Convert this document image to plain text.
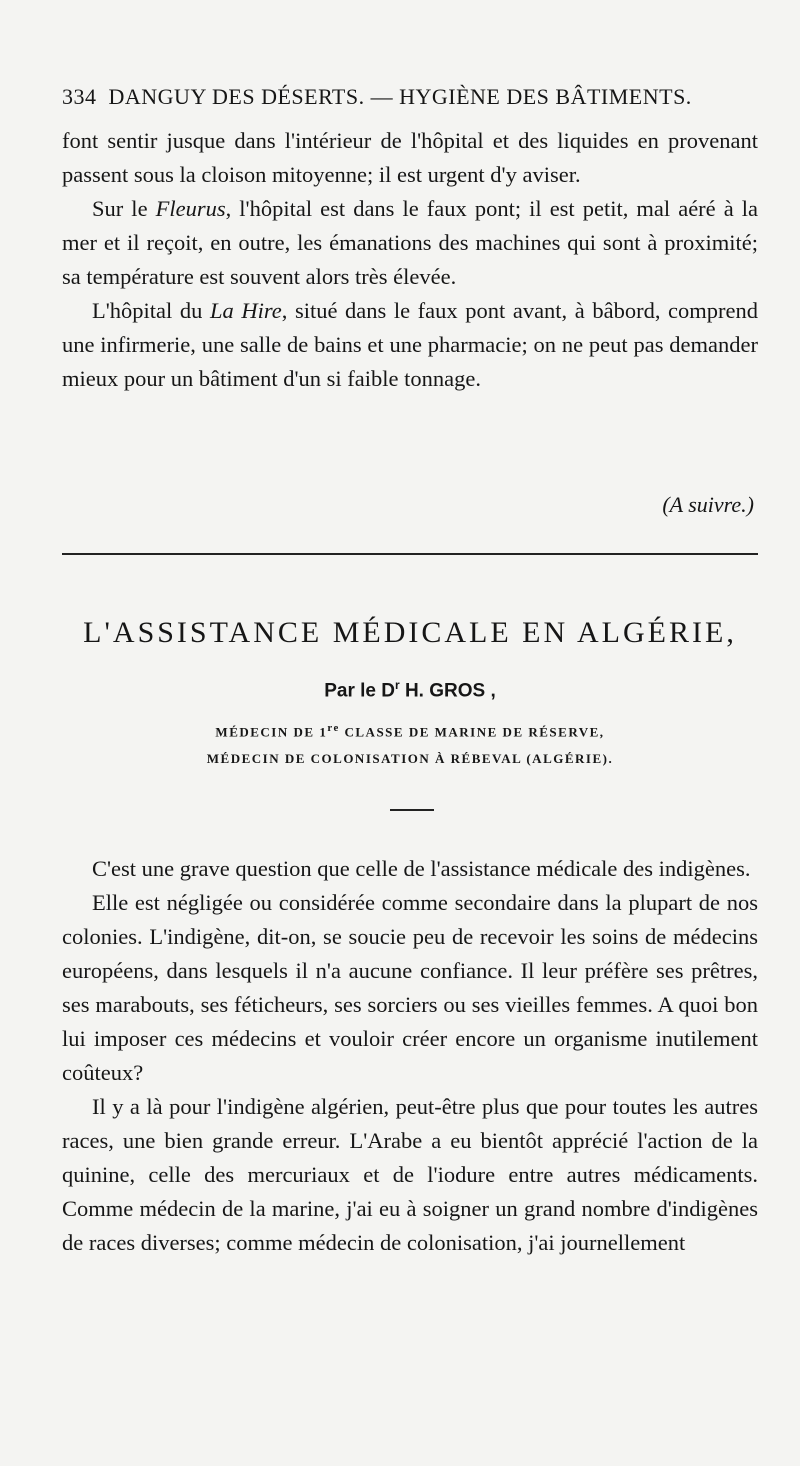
334 DANGUY DES DÉSERTS. — HYGIÈNE DES BÂTIMENTS.

font sentir jusque dans l'intérieur de l'hôpital et des liquides en provenant passent sous la cloison mitoyenne; il est urgent d'y aviser.

Sur le Fleurus, l'hôpital est dans le faux pont; il est petit, mal aéré à la mer et il reçoit, en outre, les émanations des machines qui sont à proximité; sa température est souvent alors très élevée.

L'hôpital du La Hire, situé dans le faux pont avant, à bâbord, comprend une infirmerie, une salle de bains et une pharmacie; on ne peut pas demander mieux pour un bâtiment d'un si faible tonnage.

(A suivre.)
L'ASSISTANCE MÉDICALE EN ALGÉRIE,
Par le $D^r$ H. GROS ,
MÉDECIN DE 1re CLASSE DE MARINE DE RÉSERVE,
MÉDECIN DE COLONISATION À RÉBEVAL (ALGÉRIE).

C'est une grave question que celle de l'assistance médicale des indigènes.

Elle est négligée ou considérée comme secondaire dans la plupart de nos colonies. L'indigène, dit-on, se soucie peu de recevoir les soins de médecins européens, dans lesquels il n'a aucune confiance. Il leur préfère ses prêtres, ses marabouts, ses féticheurs, ses sorciers ou ses vieilles femmes. A quoi bon lui imposer ces médecins et vouloir créer encore un organisme inutilement coûteux?

Il y a là pour l'indigène algérien, peut-être plus que pour toutes les autres races, une bien grande erreur. L'Arabe a eu bientôt apprécié l'action de la quinine, celle des mercuriaux et de l'iodure entre autres médicaments. Comme médecin de la marine, j'ai eu à soigner un grand nombre d'indigènes de races diverses; comme médecin de colonisation, j'ai journellement
